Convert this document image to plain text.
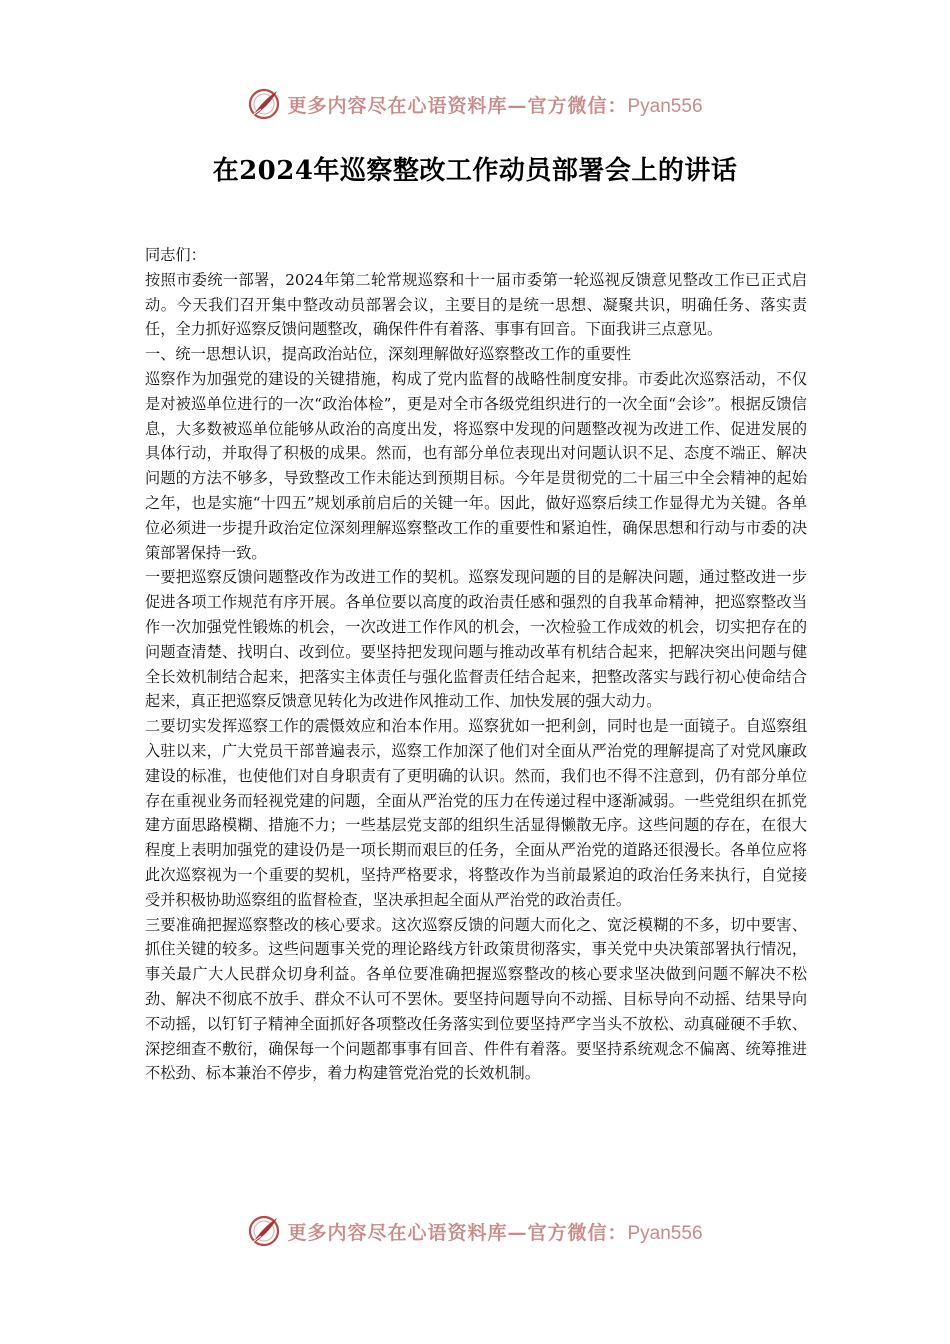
更多内容尽在心语资料库—官方微信：Pyan556
在2024年巡察整改工作动员部署会上的讲话

同志们：

按照市委统一部署，2024年第二轮常规巡察和十一届市委第一轮巡视反馈意见整改工作已正式启动。今天我们召开集中整改动员部署会议，主要目的是统一思想、凝聚共识，明确任务、落实责任，全力抓好巡察反馈问题整改，确保件件有着落、事事有回音。下面我讲三点意见。

一、统一思想认识，提高政治站位，深刻理解做好巡察整改工作的重要性

巡察作为加强党的建设的关键措施，构成了党内监督的战略性制度安排。市委此次巡察活动，不仅是对被巡单位进行的一次“政治体检”，更是对全市各级党组织进行的一次全面“会诊”。根据反馈信息，大多数被巡单位能够从政治的高度出发，将巡察中发现的问题整改视为改进工作、促进发展的具体行动，并取得了积极的成果。然而，也有部分单位表现出对问题认识不足、态度不端正、解决问题的方法不够多，导致整改工作未能达到预期目标。今年是贯彻党的二十届三中全会精神的起始之年，也是实施“十四五”规划承前启后的关键一年。因此，做好巡察后续工作显得尤为关键。各单位必须进一步提升政治定位深刻理解巡察整改工作的重要性和紧迫性，确保思想和行动与市委的决策部署保持一致。

一要把巡察反馈问题整改作为改进工作的契机。巡察发现问题的目的是解决问题，通过整改进一步促进各项工作规范有序开展。各单位要以高度的政治责任感和强烈的自我革命精神，把巡察整改当作一次加强党性锻炼的机会，一次改进工作作风的机会，一次检验工作成效的机会，切实把存在的问题查清楚、找明白、改到位。要坚持把发现问题与推动改革有机结合起来，把解决突出问题与健全长效机制结合起来，把落实主体责任与强化监督责任结合起来，把整改落实与践行初心使命结合起来，真正把巡察反馈意见转化为改进作风推动工作、加快发展的强大动力。

二要切实发挥巡察工作的震慑效应和治本作用。巡察犹如一把利剑，同时也是一面镜子。自巡察组入驻以来，广大党员干部普遍表示，巡察工作加深了他们对全面从严治党的理解提高了对党风廉政建设的标准，也使他们对自身职责有了更明确的认识。然而，我们也不得不注意到，仍有部分单位存在重视业务而轻视党建的问题，全面从严治党的压力在传递过程中逐渐减弱。一些党组织在抓党建方面思路模糊、措施不力；一些基层党支部的组织生活显得懒散无序。这些问题的存在，在很大程度上表明加强党的建设仍是一项长期而艰巨的任务，全面从严治党的道路还很漫长。各单位应将此次巡察视为一个重要的契机，坚持严格要求，将整改作为当前最紧迫的政治任务来执行，自觉接受并积极协助巡察组的监督检查，坚决承担起全面从严治党的政治责任。

三要准确把握巡察整改的核心要求。这次巡察反馈的问题大而化之、宽泛模糊的不多，切中要害、抓住关键的较多。这些问题事关党的理论路线方针政策贯彻落实，事关党中央决策部署执行情况，事关最广大人民群众切身利益。各单位要准确把握巡察整改的核心要求坚决做到问题不解决不松劲、解决不彻底不放手、群众不认可不罢休。要坚持问题导向不动摇、目标导向不动摇、结果导向不动摇，以钉钉子精神全面抓好各项整改任务落实到位要坚持严字当头不放松、动真碰硬不手软、深挖细查不敷衍，确保每一个问题都事事有回音、件件有着落。要坚持系统观念不偏离、统筹推进不松劲、标本兼治不停步，着力构建管党治党的长效机制。

更多内容尽在心语资料库—官方微信：Pyan556
